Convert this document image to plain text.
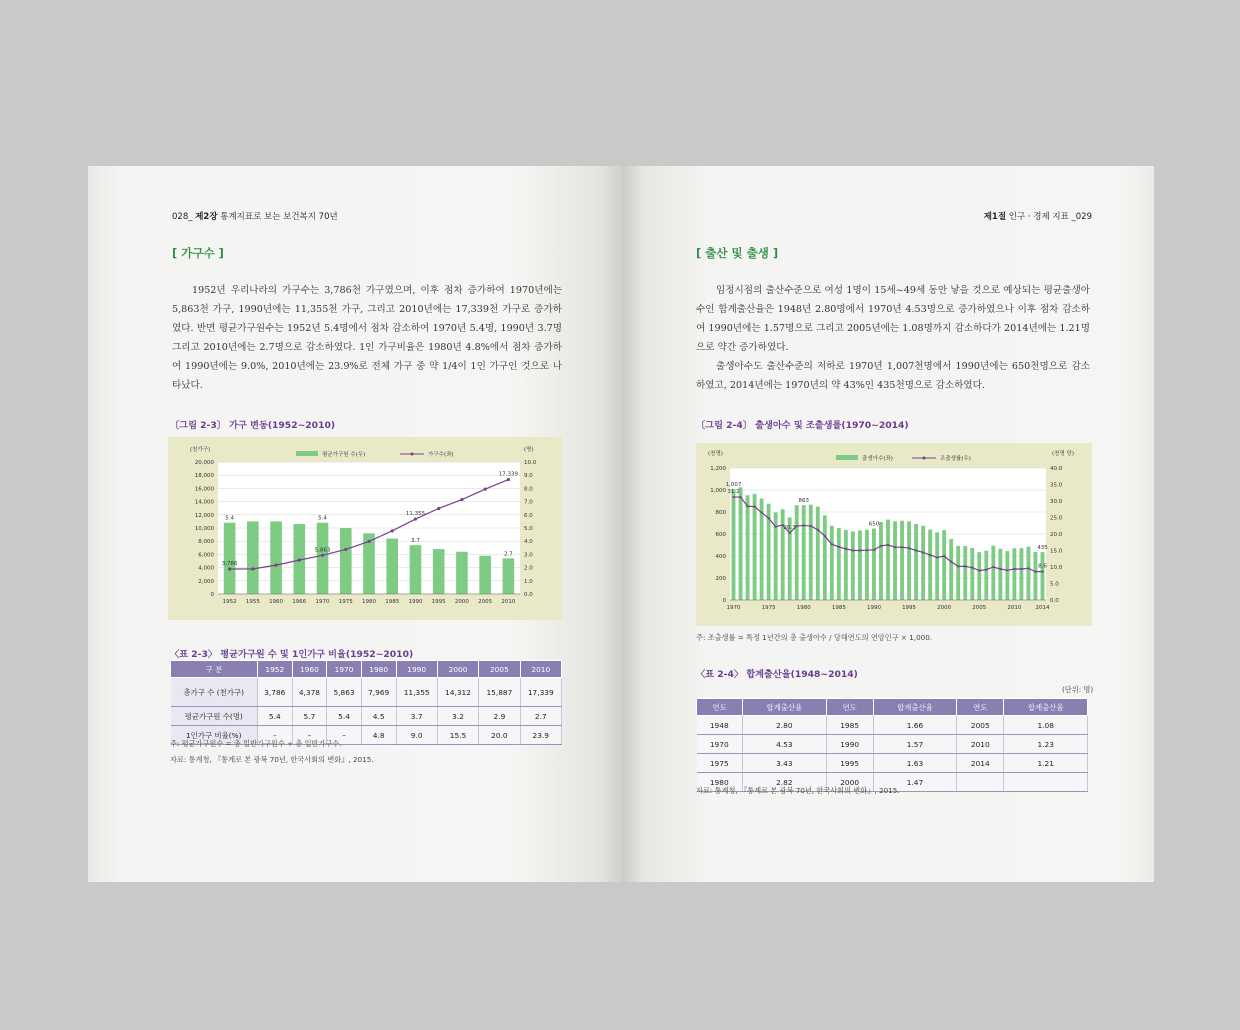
028_ 제2장 통계지표로 보는 보건복지 70년
[ 가구수 ]

1952년 우리나라의 가구수는 3,786천 가구였으며, 이후 점차 증가하여 1970년에는 5,863천 가구, 1990년에는 11,355천 가구, 그리고 2010년에는 17,339천 가구로 증가하였다. 반면 평균가구원수는 1952년 5.4명에서 점차 감소하여 1970년 5.4명, 1990년 3.7명 그리고 2010년에는 2.7명으로 감소하였다. 1인 가구비율은 1980년 4.8%에서 점차 증가하여 1990년에는 9.0%, 2010년에는 23.9%로 전체 가구 중 약 1/4이 1인 가구인 것으로 나타났다.

〔그림 2-3〕 가구 변동(1952~2010)
5.4	5.4
3.7
2.7
3,786
5,863
11,355
17,339
0
2,000
4,000
6,000
8,000
10,000
12,000
14,000
16,000
18,000
20,000
0.0
1.0
2.0
3.0
4.0
5.0
6.0
7.0
8.0
9.0
10.0
1952 1955 1960 1966 1970 1975 1980 1985 1990 1995 2000 2005 2010
평균가구원 수(우)	가구수(좌)
(천가구)	(명)
〈표 2-3〉 평균가구원 수 및 1인가구 비율(1952~2010)
구 분	1952	1960	1970	1980	1990	2000	2005	2010
총가구 수 (천가구)	3,786	4,378	5,863	7,969	11,355	14,312	15,887	17,339
평균가구원 수(명)	5.4	5.7	5.4	4.5	3.7	3.2	2.9	2.7
1인가구 비율(%)	–	–	–	4.8	9.0	15.5	20.0	23.9
주: 평균가구원수 = 총 일반가구원수 ÷ 총 일반가구수.
자료: 통계청, 『통계로 본 광복 70년, 한국사회의 변화』, 2015.
제1절 인구 · 경제 지표 _029
[ 출산 및 출생 ]

임정시점의 출산수준으로 여성 1명이 15세~49세 동안 낳을 것으로 예상되는 평균출생아수인 합계출산율은 1948년 2.80명에서 1970년 4.53명으로 증가하였으나 이후 점차 감소하여 1990년에는 1.57명으로 그리고 2005년에는 1.08명까지 감소하다가 2014년에는 1.21명으로 약간 증가하였다.

출생아수도 출산수준의 저하로 1970년 1,007천명에서 1990년에는 650천명으로 감소하였고, 2014년에는 1970년의 약 43%인 435천명으로 감소하였다.

〔그림 2-4〕 출생아수 및 조출생률(1970~2014)
1,007
863
650
435
31.2
20.3
8.6
0
200
400
600
800
1,000
1,200
0.0
5.0
10.0
15.0
20.0
25.0
30.0
35.0
40.0
1970	1975	1980	1985	1990	1995	2000	2005	2010	2014
출생아수(좌)	조출생률(우)
(천명)	(천명 당)
주: 조출생률 = 특정 1년간의 총 출생아수 / 당해연도의 연앙인구 × 1,000.
〈표 2-4〉 합계출산율(1948~2014)
(단위: 명)
연도	합계출산율	연도	합계출산율	연도	합계출산율
1948	2.80	1985	1.66	2005	1.08
1970	4.53	1990	1.57	2010	1.23
1975	3.43	1995	1.63	2014	1.21
1980	2.82	2000	1.47		
자료: 통계청, 『통계로 본 광복 70년, 한국사회의 변화』, 2015.
